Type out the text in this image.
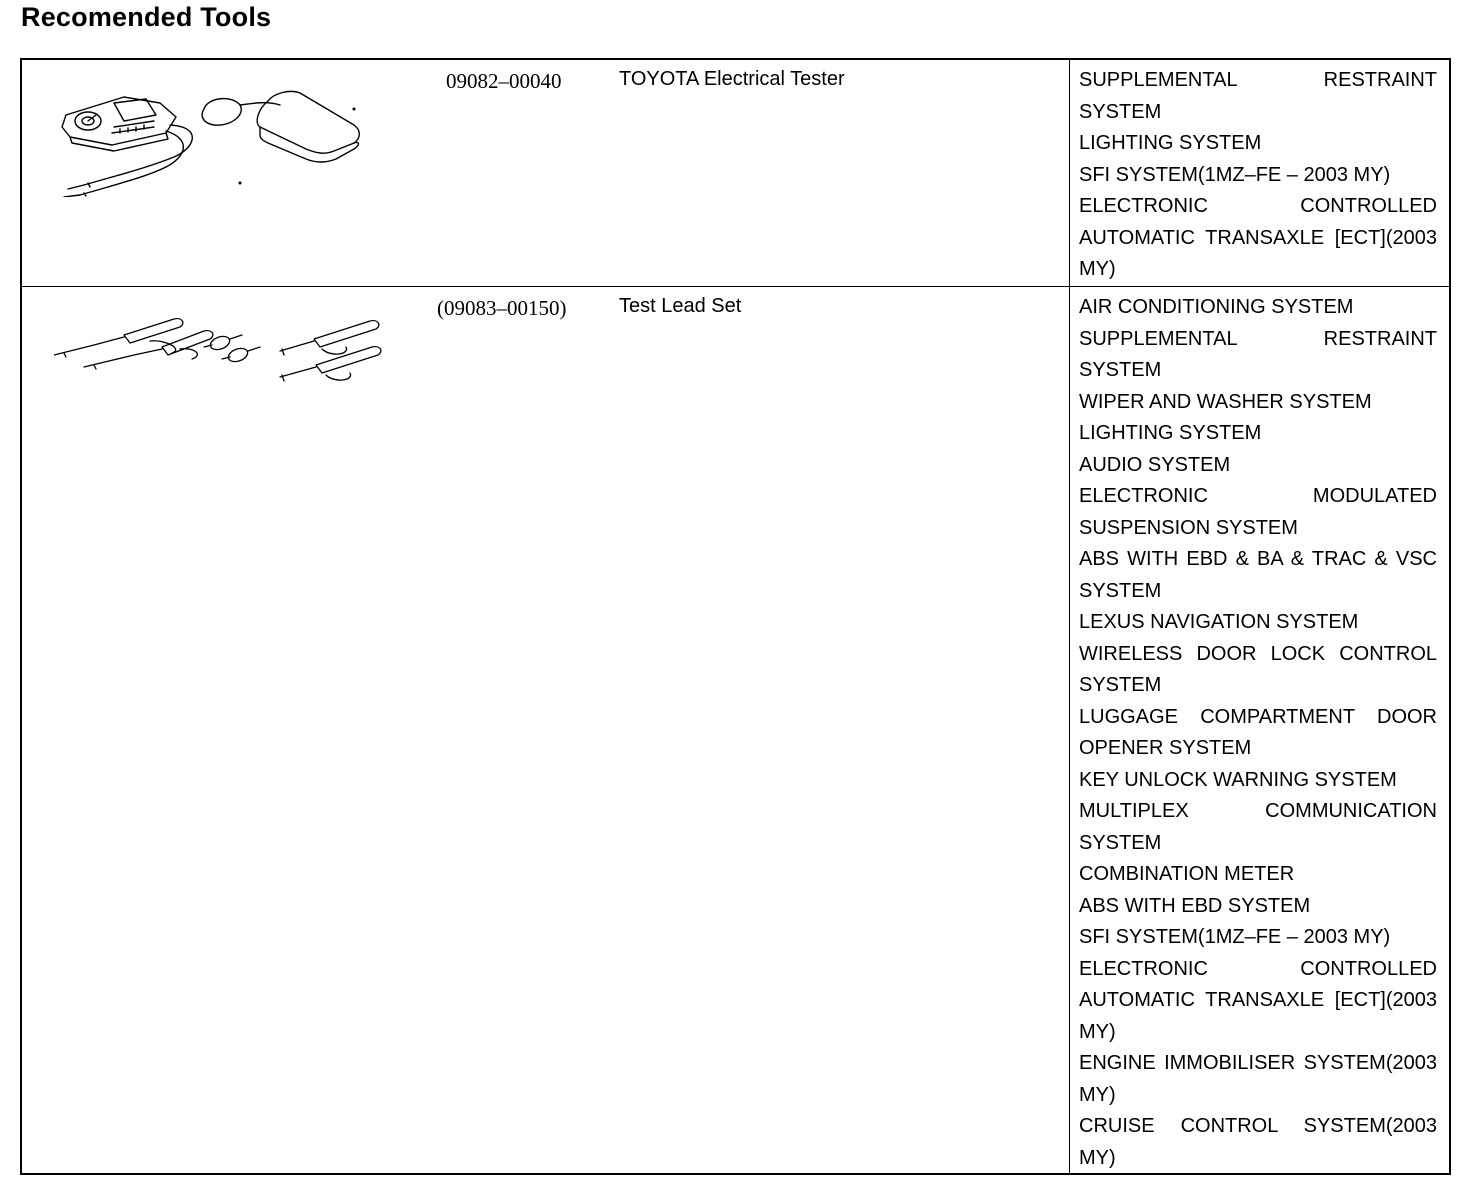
Recomended Tools
09082–00040	TOYOTA Electrical Tester	SUPPLEMENTAL RESTRAINT SYSTEM
LIGHTING SYSTEM
SFI SYSTEM(1MZ–FE – 2003 MY)
ELECTRONIC CONTROLLED AUTOMATIC TRANSAXLE [ECT](2003 MY)
(09083–00150)	Test Lead Set	AIR CONDITIONING SYSTEM
SUPPLEMENTAL RESTRAINT SYSTEM
WIPER AND WASHER SYSTEM
LIGHTING SYSTEM
AUDIO SYSTEM
ELECTRONIC MODULATED SUSPENSION SYSTEM
ABS WITH EBD & BA & TRAC & VSC SYSTEM
LEXUS NAVIGATION SYSTEM
WIRELESS DOOR LOCK CONTROL SYSTEM
LUGGAGE COMPARTMENT DOOR OPENER SYSTEM
KEY UNLOCK WARNING SYSTEM
MULTIPLEX COMMUNICATION SYSTEM
COMBINATION METER
ABS WITH EBD SYSTEM
SFI SYSTEM(1MZ–FE – 2003 MY)
ELECTRONIC CONTROLLED AUTOMATIC TRANSAXLE [ECT](2003 MY)
ENGINE IMMOBILISER SYSTEM(2003 MY)
CRUISE CONTROL SYSTEM(2003 MY)
